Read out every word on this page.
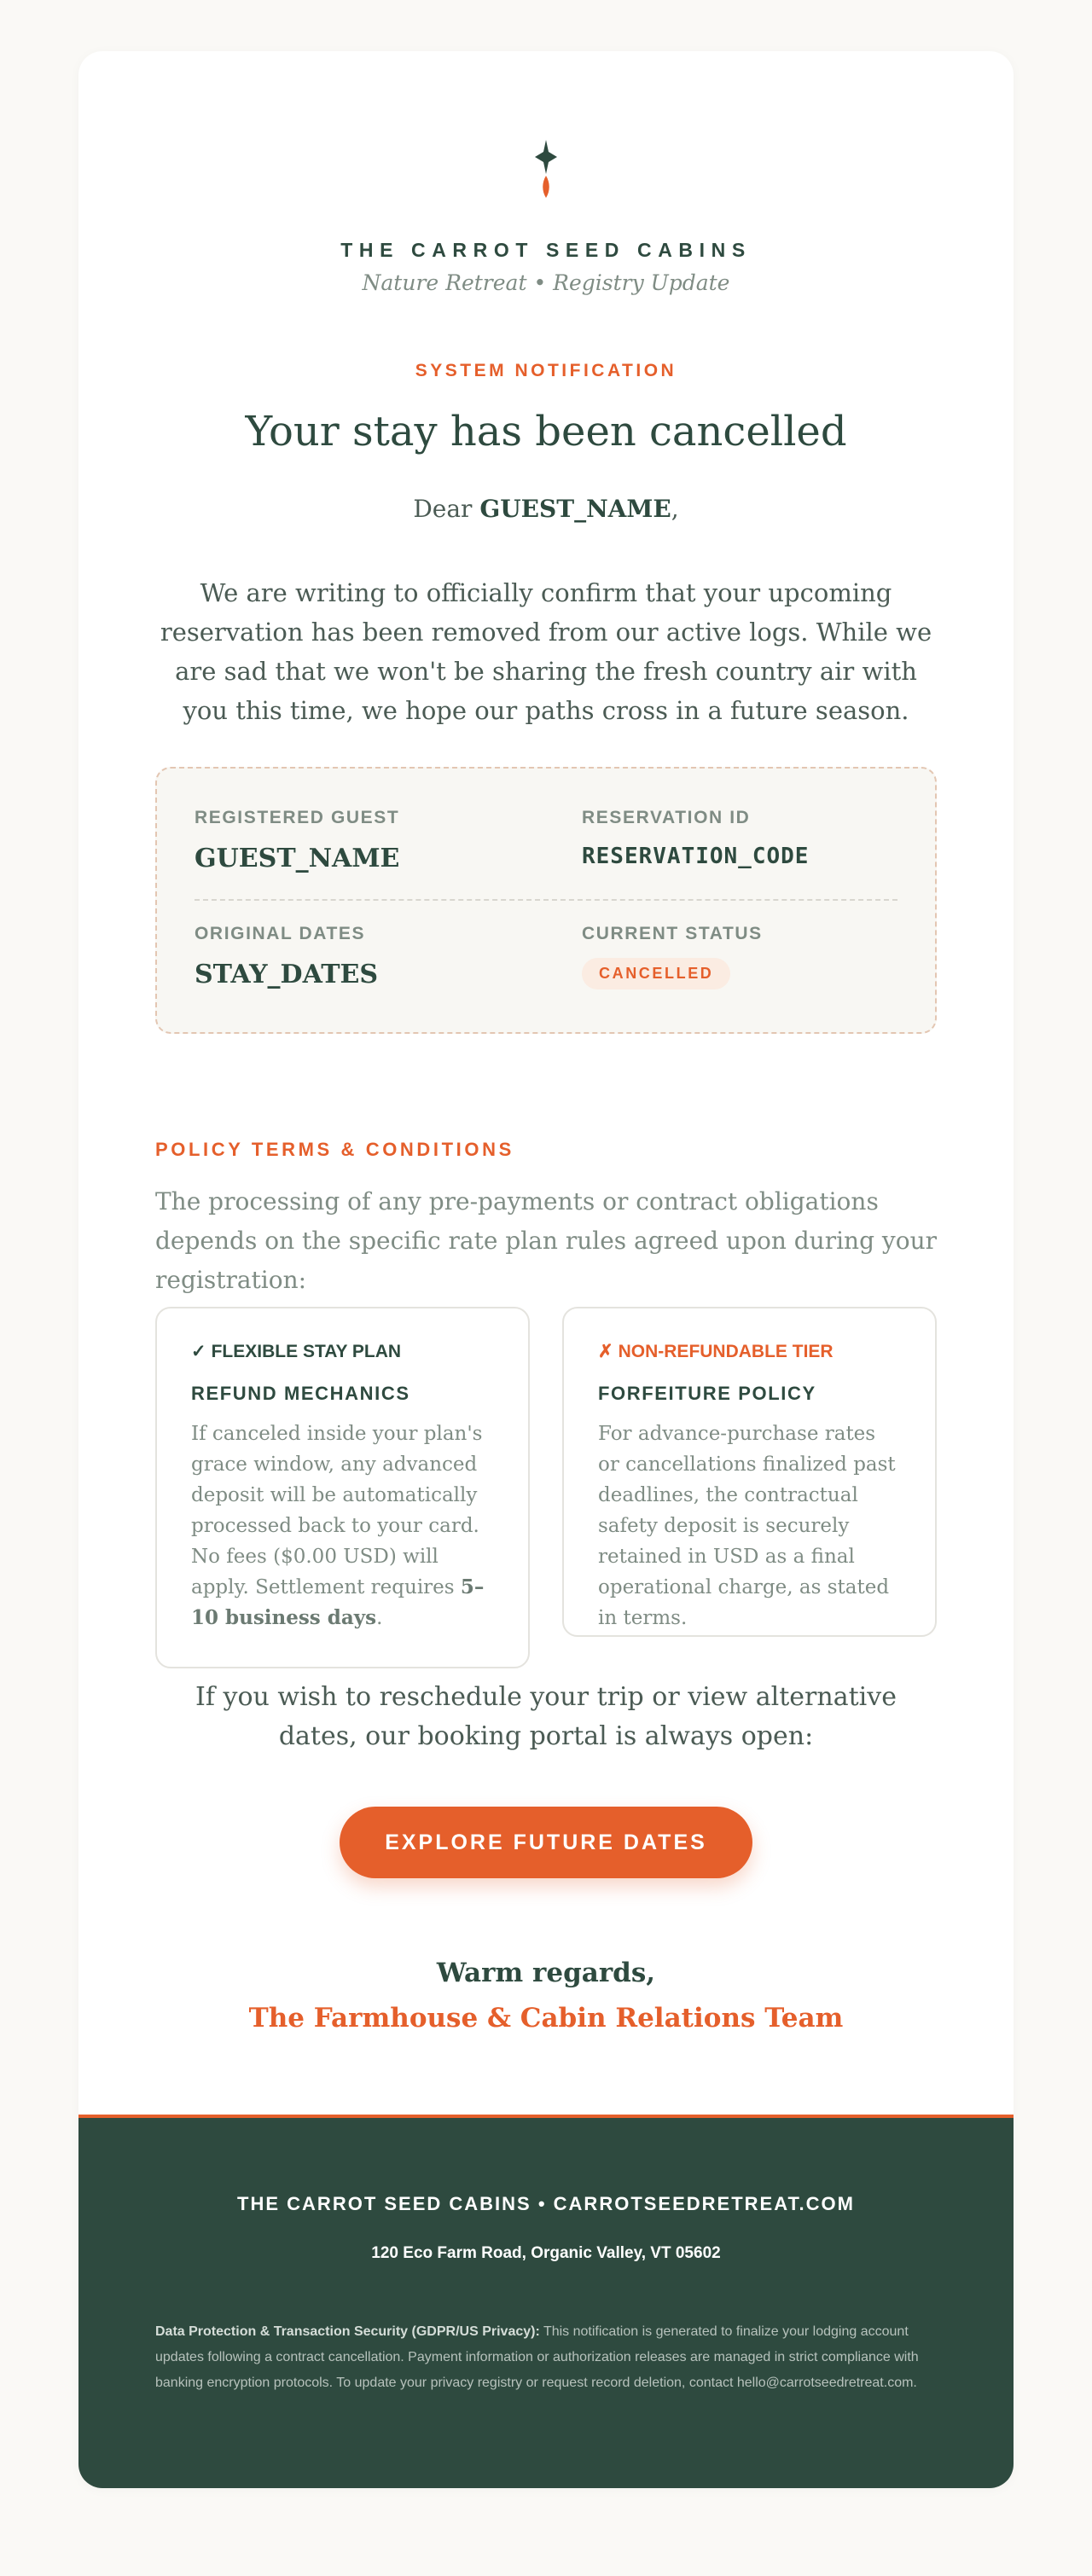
THE CARROT SEED CABINS
Nature Retreat • Registry Update
SYSTEM NOTIFICATION
Your stay has been cancelled
Dear GUEST_NAME,

We are writing to officially confirm that your upcoming reservation has been removed from our active logs. While we are sad that we won't be sharing the fresh country air with you this time, we hope our paths cross in a future season.

REGISTERED GUEST
GUEST_NAME
RESERVATION ID
RESERVATION_CODE
ORIGINAL DATES
STAY_DATES
CURRENT STATUS
CANCELLED
POLICY TERMS & CONDITIONS

The processing of any pre-payments or contract obligations depends on the specific rate plan rules agreed upon during your registration:

✓ FLEXIBLE STAY PLAN
REFUND MECHANICS
If canceled inside your plan's grace window, any advanced deposit will be automatically processed back to your card. No fees ($0.00 USD) will apply. Settlement requires 5–10 business days.
✗ NON-REFUNDABLE TIER
FORFEITURE POLICY
For advance-purchase rates or cancellations finalized past deadlines, the contractual safety deposit is securely retained in USD as a final operational charge, as stated in terms.

If you wish to reschedule your trip or view alternative dates, our booking portal is always open:

EXPLORE FUTURE DATES
Warm regards,
The Farmhouse & Cabin Relations Team
THE CARROT SEED CABINS • CARROTSEEDRETREAT.COM
120 Eco Farm Road, Organic Valley, VT 05602

Data Protection & Transaction Security (GDPR/US Privacy): This notification is generated to finalize your lodging account updates following a contract cancellation. Payment information or authorization releases are managed in strict compliance with banking encryption protocols. To update your privacy registry or request record deletion, contact hello@carrotseedretreat.com.
